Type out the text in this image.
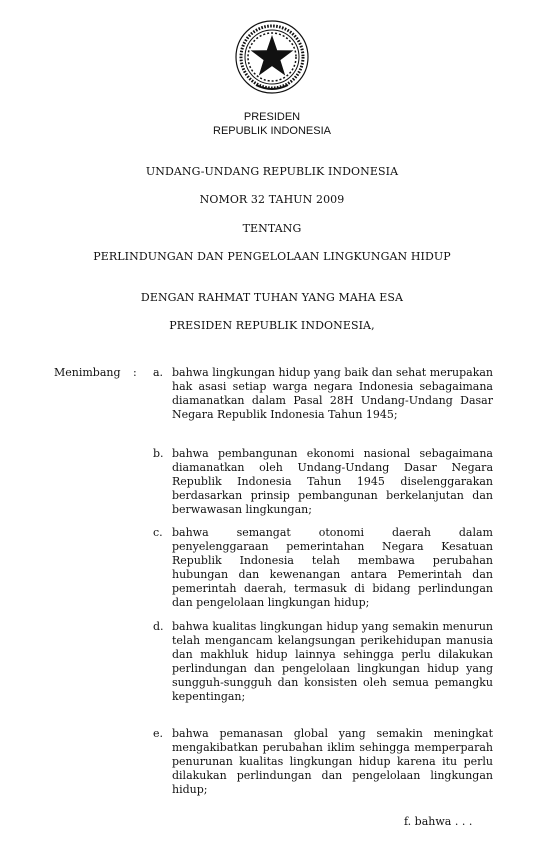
PRESIDEN
REPUBLIK INDONESIA
UNDANG-UNDANG REPUBLIK INDONESIA
NOMOR 32 TAHUN 2009
TENTANG
PERLINDUNGAN DAN PENGELOLAAN LINGKUNGAN HIDUP
DENGAN RAHMAT TUHAN YANG MAHA ESA
PRESIDEN REPUBLIK INDONESIA,
Menimbang : a. bahwa lingkungan hidup yang baik dan sehat merupakan hak asasi setiap warga negara Indonesia sebagaimana diamanatkan dalam Pasal 28H Undang-Undang Dasar Negara Republik Indonesia Tahun 1945;
b. bahwa pembangunan ekonomi nasional sebagaimana diamanatkan oleh Undang-Undang Dasar Negara Republik Indonesia Tahun 1945 diselenggarakan berdasarkan prinsip pembangunan berkelanjutan dan berwawasan lingkungan;
c. bahwa semangat otonomi daerah dalam penyelenggaraan pemerintahan Negara Kesatuan Republik Indonesia telah membawa perubahan hubungan dan kewenangan antara Pemerintah dan pemerintah daerah, termasuk di bidang perlindungan dan pengelolaan lingkungan hidup;
d. bahwa kualitas lingkungan hidup yang semakin menurun telah mengancam kelangsungan perikehidupan manusia dan makhluk hidup lainnya sehingga perlu dilakukan perlindungan dan pengelolaan lingkungan hidup yang sungguh-sungguh dan konsisten oleh semua pemangku kepentingan;
e. bahwa pemanasan global yang semakin meningkat mengakibatkan perubahan iklim sehingga memperparah penurunan kualitas lingkungan hidup karena itu perlu dilakukan perlindungan dan pengelolaan lingkungan hidup;
f. bahwa . . .
